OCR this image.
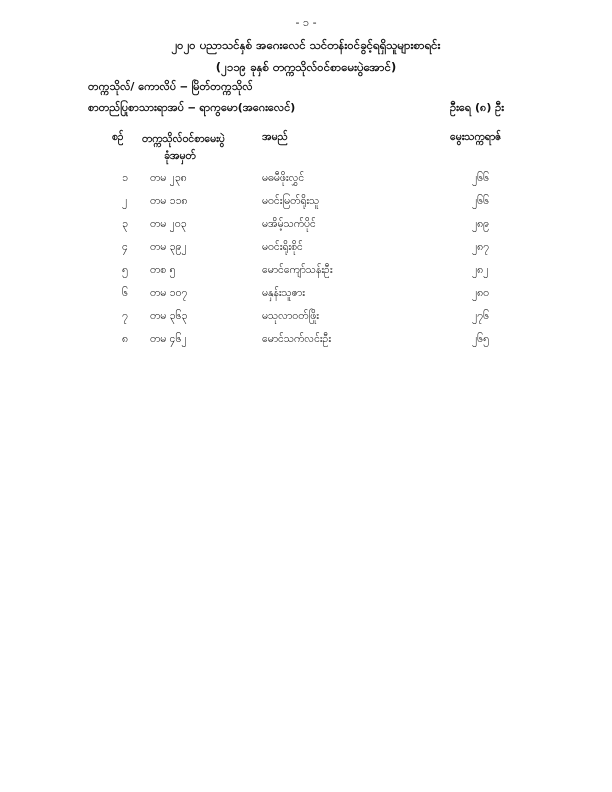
- ၁ -
၂၀၂၀ ပညာသင်နှစ် အဂေးလေင် သင်တန်းဝင်ခွင့်ရရှိသူများစာရင်း
(၂၁၁၉ ခုနှစ် တက္ကသိုလ်ဝင်စာမေးပွဲအောင်)
တက္ကသိုလ်/ ကောလိပ် ‒ မြိတ်တက္ကသိုလ်
စာတည်ပြုစာသားရာအပ် ‒ ရာကွမော(အဂေးလေင်)	ဦးရေ (၈) ဦး
စဉ် တက္ကသိုလ်ဝင်စာမေးပွဲ
ခုံအမှတ်
အမည်	မွေးသက္ကရာဇ်
၁ တမ ၂၃၈	မဓမီဖိုးလွှင်	၂၆၆
၂ တမ ၁၁၈	မဝင်းမြတ်ရိုးသူ	၂၆၆
၃ တမ ၂၀၃	မအိမ့်သက်ပိုင်	၂၈၉
၄ တမ ၃၉၂	မဝင်းရိုးစိုင်	၂၈၇
၅ တစ ၅	မောင်ကျော်သန်းဦး	၂၈၂
၆ တမ ၁၀၇	မနှန်းသူဇား	၂၈၀
၇ တမ ၃၆၃	မသုလာဝတ်ဖြိုး	၂၇၆
၈ တမ ၄၆၂	မောင်သက်လင်းဦး	၂၆၅
